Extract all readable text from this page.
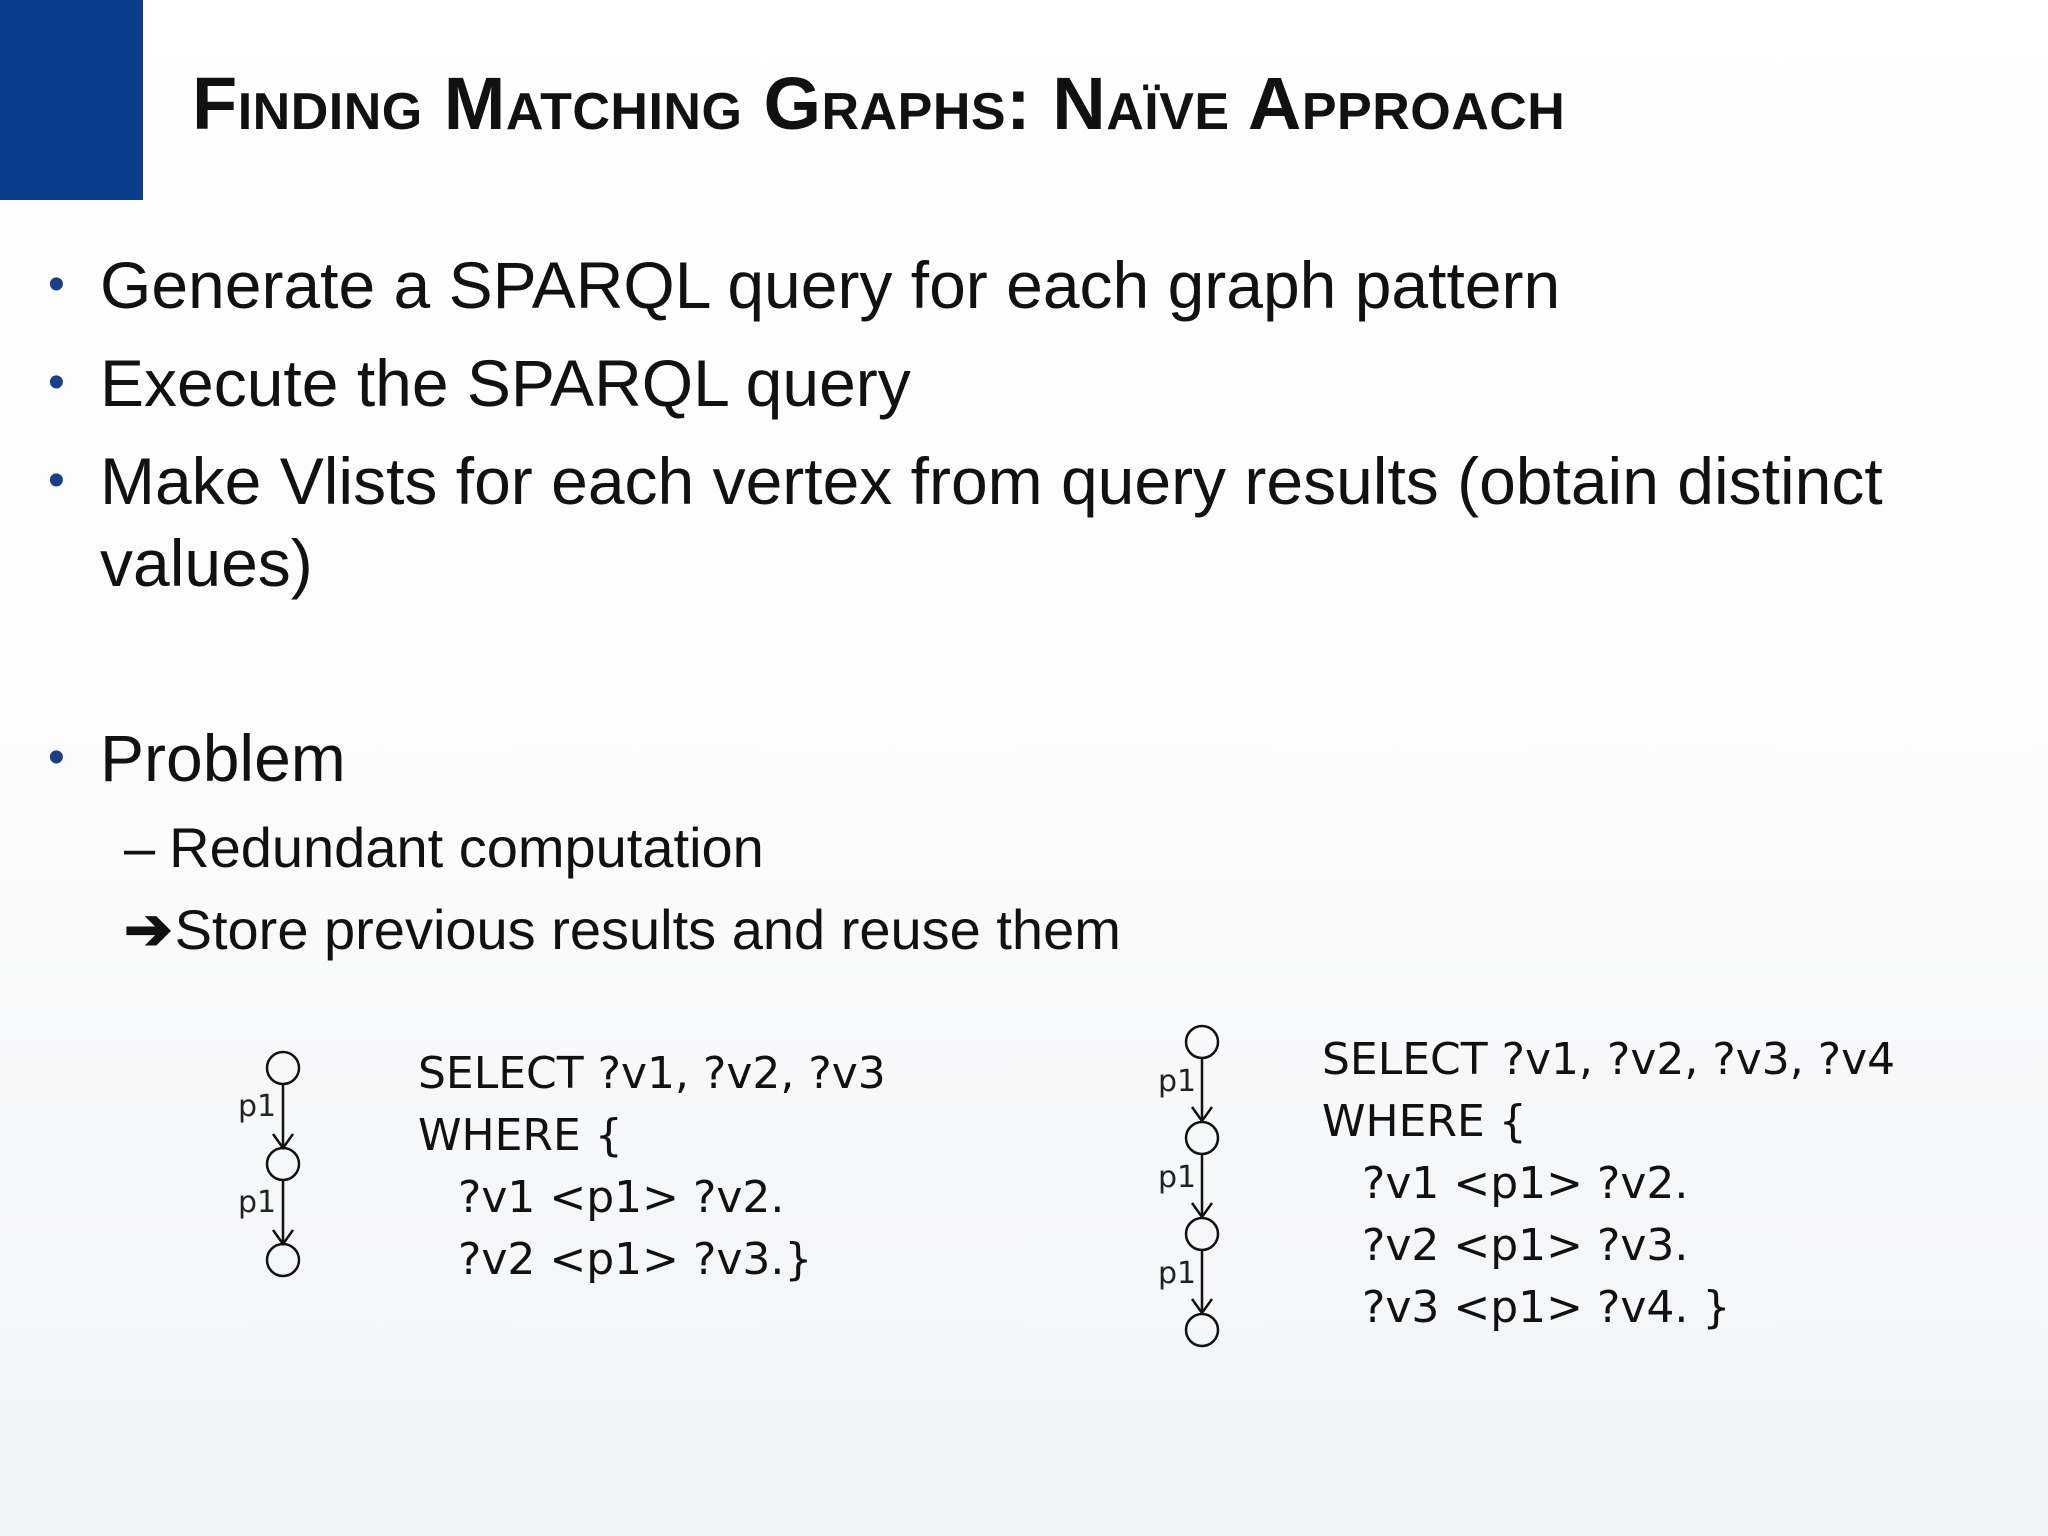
Finding Matching Graphs: Naïve Approach
• Generate a SPARQL query for each graph pattern
• Execute the SPARQL query
• Make Vlists for each vertex from query results (obtain distinct values)
• Problem
– Redundant computation
➔Store previous results and reuse them
p1
p1
SELECT ?v1, ?v2, ?v3
WHERE {
?v1 <p1> ?v2.
?v2 <p1> ?v3.}
p1
p1
p1
SELECT ?v1, ?v2, ?v3, ?v4
WHERE {
?v1 <p1> ?v2.
?v2 <p1> ?v3.
?v3 <p1> ?v4. }
